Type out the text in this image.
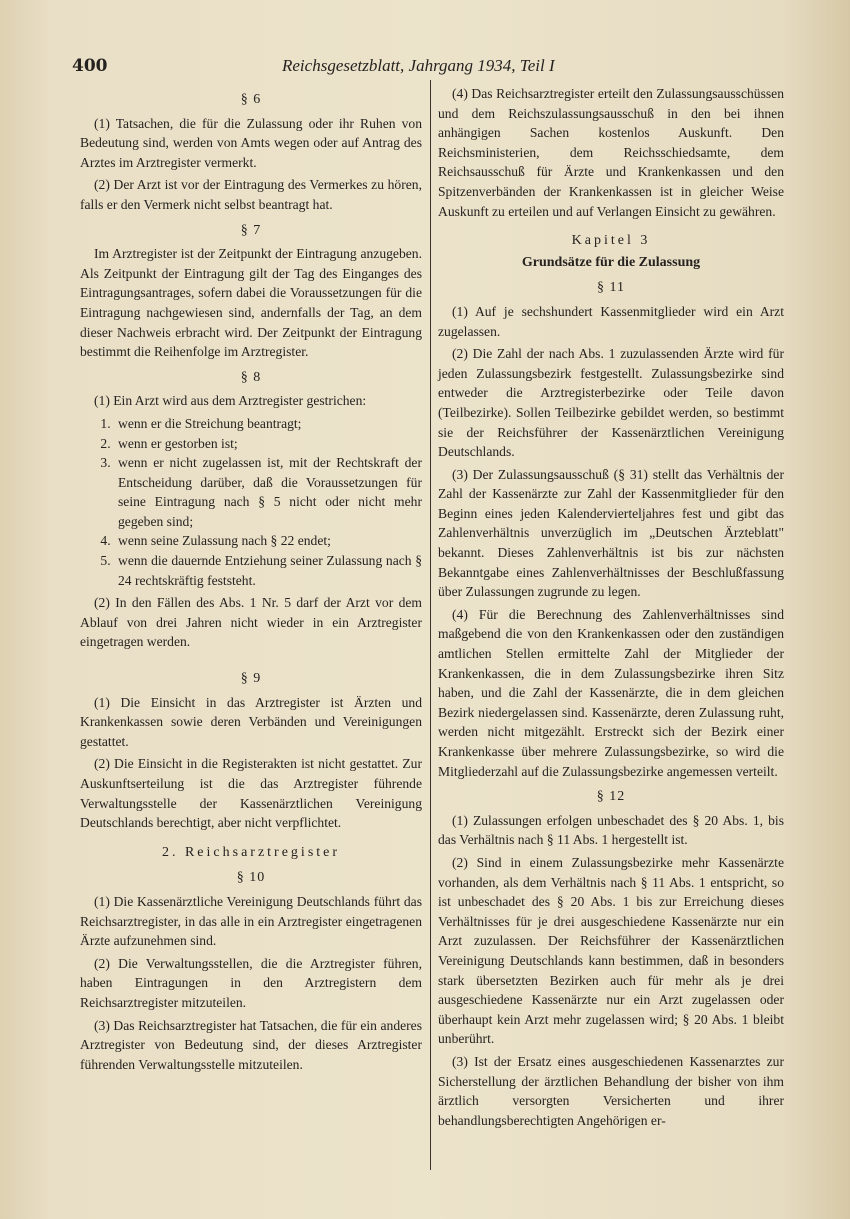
400	Reichsgesetzblatt, Jahrgang 1934, Teil I
§ 6

(1) Tatsachen, die für die Zulassung oder ihr Ruhen von Bedeutung sind, werden von Amts wegen oder auf Antrag des Arztes im Arztregister vermerkt.

(2) Der Arzt ist vor der Eintragung des Vermerkes zu hören, falls er den Vermerk nicht selbst beantragt hat.

§ 7

Im Arztregister ist der Zeitpunkt der Eintragung anzugeben. Als Zeitpunkt der Eintragung gilt der Tag des Einganges des Eintragungsantrages, sofern dabei die Voraussetzungen für die Eintragung nachgewiesen sind, andernfalls der Tag, an dem dieser Nachweis erbracht wird. Der Zeitpunkt der Eintragung bestimmt die Reihenfolge im Arztregister.

§ 8

(1) Ein Arzt wird aus dem Arztregister gestrichen:

1. wenn er die Streichung beantragt;
2. wenn er gestorben ist;
3. wenn er nicht zugelassen ist, mit der Rechtskraft der Entscheidung darüber, daß die Voraussetzungen für seine Eintragung nach § 5 nicht oder nicht mehr gegeben sind;
4. wenn seine Zulassung nach § 22 endet;
5. wenn die dauernde Entziehung seiner Zulassung nach § 24 rechtskräftig feststeht.

(2) In den Fällen des Abs. 1 Nr. 5 darf der Arzt vor dem Ablauf von drei Jahren nicht wieder in ein Arztregister eingetragen werden.

§ 9

(1) Die Einsicht in das Arztregister ist Ärzten und Krankenkassen sowie deren Verbänden und Vereinigungen gestattet.

(2) Die Einsicht in die Registerakten ist nicht gestattet. Zur Auskunftserteilung ist die das Arztregister führende Verwaltungsstelle der Kassenärztlichen Vereinigung Deutschlands berechtigt, aber nicht verpflichtet.

2. Reichsarztregister
§ 10

(1) Die Kassenärztliche Vereinigung Deutschlands führt das Reichsarztregister, in das alle in ein Arztregister eingetragenen Ärzte aufzunehmen sind.

(2) Die Verwaltungsstellen, die die Arztregister führen, haben Eintragungen in den Arztregistern dem Reichsarztregister mitzuteilen.

(3) Das Reichsarztregister hat Tatsachen, die für ein anderes Arztregister von Bedeutung sind, der dieses Arztregister führenden Verwaltungsstelle mitzuteilen.

(4) Das Reichsarztregister erteilt den Zulassungsausschüssen und dem Reichszulassungsausschuß in den bei ihnen anhängigen Sachen kostenlos Auskunft. Den Reichsministerien, dem Reichsschiedsamte, dem Reichsausschuß für Ärzte und Krankenkassen und den Spitzenverbänden der Krankenkassen ist in gleicher Weise Auskunft zu erteilen und auf Verlangen Einsicht zu gewähren.

Kapitel 3
Grundsätze für die Zulassung
§ 11

(1) Auf je sechshundert Kassenmitglieder wird ein Arzt zugelassen.

(2) Die Zahl der nach Abs. 1 zuzulassenden Ärzte wird für jeden Zulassungsbezirk festgestellt. Zulassungsbezirke sind entweder die Arztregisterbezirke oder Teile davon (Teilbezirke). Sollen Teilbezirke gebildet werden, so bestimmt sie der Reichsführer der Kassenärztlichen Vereinigung Deutschlands.

(3) Der Zulassungsausschuß (§ 31) stellt das Verhältnis der Zahl der Kassenärzte zur Zahl der Kassenmitglieder für den Beginn eines jeden Kalendervierteljahres fest und gibt das Zahlenverhältnis unverzüglich im „Deutschen Ärzteblatt" bekannt. Dieses Zahlenverhältnis ist bis zur nächsten Bekanntgabe eines Zahlenverhältnisses der Beschlußfassung über Zulassungen zugrunde zu legen.

(4) Für die Berechnung des Zahlenverhältnisses sind maßgebend die von den Krankenkassen oder den zuständigen amtlichen Stellen ermittelte Zahl der Mitglieder der Krankenkassen, die in dem Zulassungsbezirke ihren Sitz haben, und die Zahl der Kassenärzte, die in dem gleichen Bezirk niedergelassen sind. Kassenärzte, deren Zulassung ruht, werden nicht mitgezählt. Erstreckt sich der Bezirk einer Krankenkasse über mehrere Zulassungsbezirke, so wird die Mitgliederzahl auf die Zulassungsbezirke angemessen verteilt.

§ 12

(1) Zulassungen erfolgen unbeschadet des § 20 Abs. 1, bis das Verhältnis nach § 11 Abs. 1 hergestellt ist.

(2) Sind in einem Zulassungsbezirke mehr Kassenärzte vorhanden, als dem Verhältnis nach § 11 Abs. 1 entspricht, so ist unbeschadet des § 20 Abs. 1 bis zur Erreichung dieses Verhältnisses für je drei ausgeschiedene Kassenärzte nur ein Arzt zuzulassen. Der Reichsführer der Kassenärztlichen Vereinigung Deutschlands kann bestimmen, daß in besonders stark übersetzten Bezirken auch für mehr als je drei ausgeschiedene Kassenärzte nur ein Arzt zugelassen oder überhaupt kein Arzt mehr zugelassen wird; § 20 Abs. 1 bleibt unberührt.

(3) Ist der Ersatz eines ausgeschiedenen Kassenarztes zur Sicherstellung der ärztlichen Behandlung der bisher von ihm ärztlich versorgten Versicherten und ihrer behandlungsberechtigten Angehörigen er-
